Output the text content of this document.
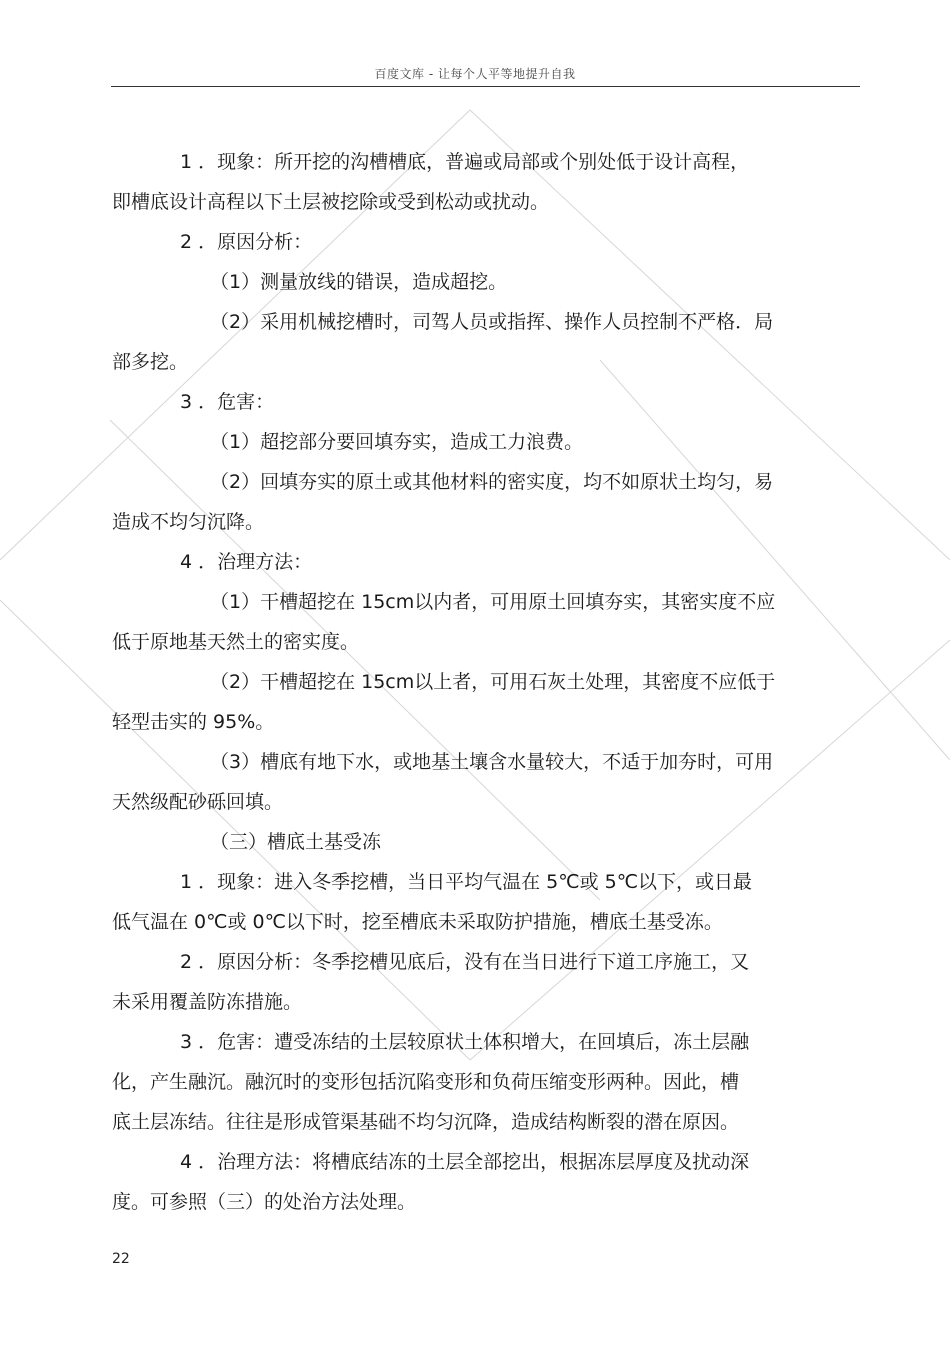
百度文库 - 让每个人平等地提升自我

1 ．现象：所开挖的沟槽槽底，普遍或局部或个别处低于设计高程，

即槽底设计高程以下土层被挖除或受到松动或扰动。

2 ．原因分析：

（1）测量放线的错误，造成超挖。

（2）采用机械挖槽时，司驾人员或指挥、操作人员控制不严格．局

部多挖。

3 ．危害：

（1）超挖部分要回填夯实，造成工力浪费。

（2）回填夯实的原土或其他材料的密实度，均不如原状土均匀，易

造成不均匀沉降。

4 ．治理方法：

（1）干槽超挖在 15cm以内者，可用原土回填夯实，其密实度不应

低于原地基天然土的密实度。

（2）干槽超挖在 15cm以上者，可用石灰土处理，其密度不应低于

轻型击实的 95%。

（3）槽底有地下水，或地基土壤含水量较大，不适于加夯时，可用

天然级配砂砾回填。

（三）槽底土基受冻

1 ．现象：进入冬季挖槽，当日平均气温在 5℃或 5℃以下，或日最

低气温在 0℃或 0℃以下时，挖至槽底未采取防护措施，槽底土基受冻。

2 ．原因分析：冬季挖槽见底后，没有在当日进行下道工序施工，又

未采用覆盖防冻措施。

3 ．危害：遭受冻结的土层较原状土体积增大，在回填后，冻土层融

化，产生融沉。融沉时的变形包括沉陷变形和负荷压缩变形两种。因此，槽

底土层冻结。往往是形成管渠基础不均匀沉降，造成结构断裂的潜在原因。

4 ．治理方法：将槽底结冻的土层全部挖出，根据冻层厚度及扰动深

度。可参照（三）的处治方法处理。

22
